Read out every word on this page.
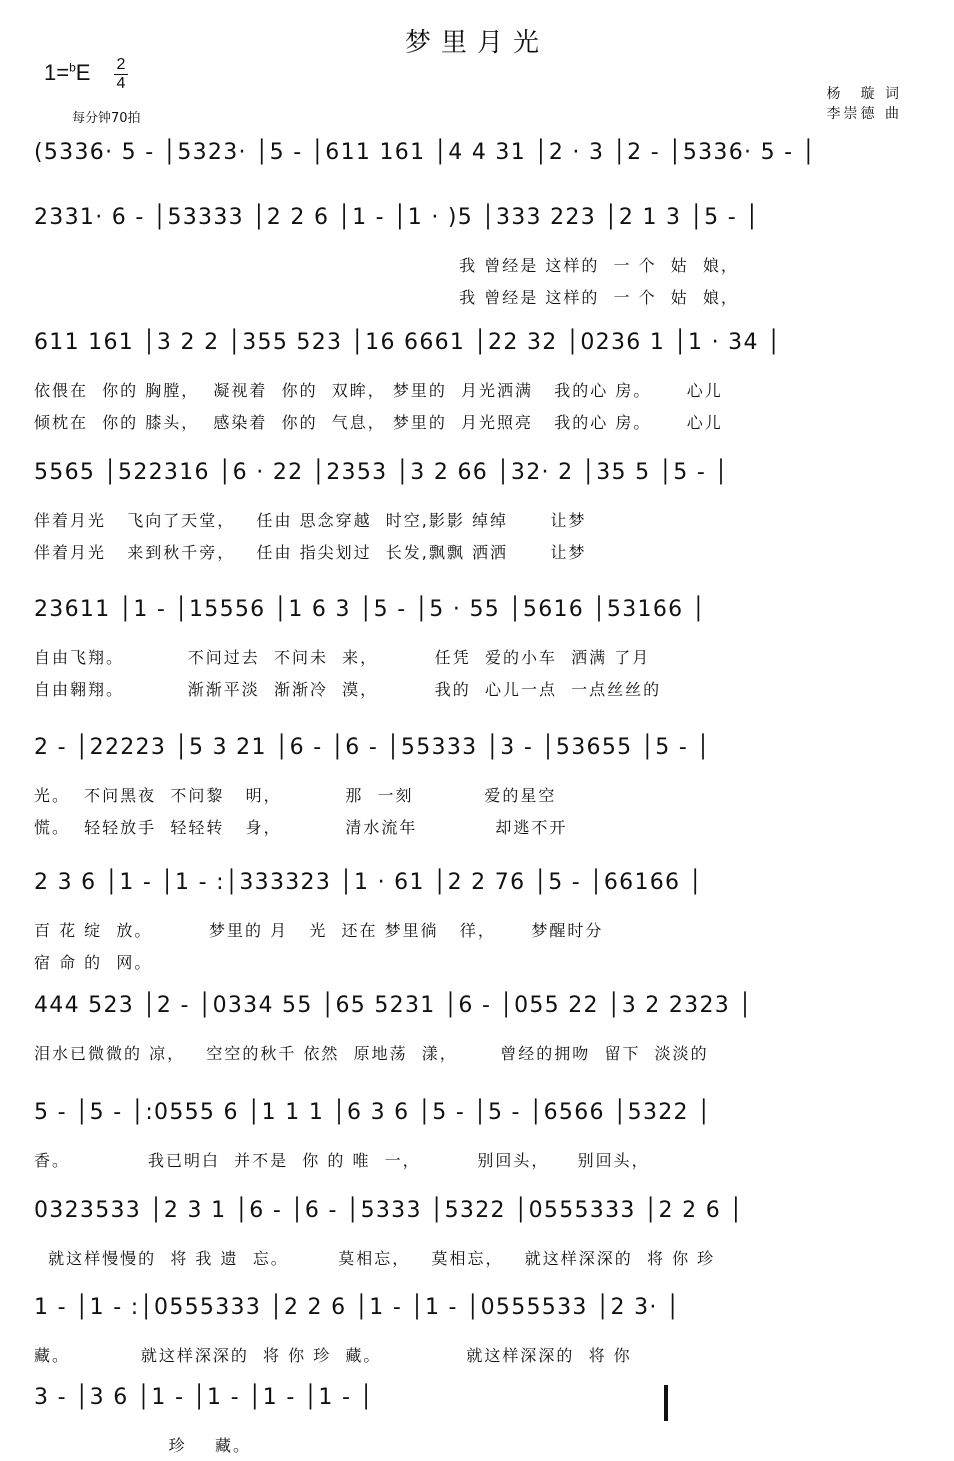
梦里月光
1=$^b$E 2
4
每分钟70拍
杨　璇 词
李崇德 曲
(5336· 5 - │5323· │5 - │611 161 │4 4 31 │2 · 3 │2 - │5336· 5 - │
2331· 6 - │53333 │2 2 6 │1 - │1 · )5 │333 223 │2 1 3 │5 - │
我 曾经是 这样的  一 个  姑  娘，
我 曾经是 这样的  一 个  姑  娘，
611 161 │3 2 2 │355 523 │16 6661 │22 32 │0236 1 │1 · 34 │
依偎在  你的 胸膛，  凝视着  你的  双眸， 梦里的  月光洒满   我的心 房。     心儿
倾枕在  你的 膝头，  感染着  你的  气息， 梦里的  月光照亮   我的心 房。     心儿
5565 │522316 │6 · 22 │2353 │3 2 66 │32· 2 │35 5 │5 - │
伴着月光   飞向了天堂，   任由 思念穿越  时空,影影 绰绰      让梦
伴着月光   来到秋千旁，   任由 指尖划过  长发,飘飘 洒洒      让梦
23611 │1 - │15556 │1 6 3 │5 - │5 · 55 │5616 │53166 │
自由飞翔。         不问过去  不问未  来，        任凭  爱的小车  洒满 了月
自由翱翔。         渐渐平淡  渐渐冷  漠，        我的  心儿一点  一点丝丝的
2 - │22223 │5 3 21 │6 - │6 - │55333 │3 - │53655 │5 - │
光。  不问黑夜  不问黎   明，         那  一刻          爱的星空
慌。  轻轻放手  轻轻转   身，         清水流年           却逃不开
2 3 6 │1 - │1 - :│333323 │1 · 61 │2 2 76 │5 - │66166 │
百 花 绽  放。        梦里的 月   光  还在 梦里徜   徉，     梦醒时分
宿 命 的  网。
444 523 │2 - │0334 55 │65 5231 │6 - │055 22 │3 2 2323 │
泪水已微微的 凉，   空空的秋千 依然  原地荡  漾，      曾经的拥吻  留下  淡淡的
5 - │5 - │:0555 6 │1 1 1 │6 3 6 │5 - │5 - │6566 │5322 │
香。           我已明白  并不是  你 的 唯  一，        别回头，    别回头，
0323533 │2 3 1 │6 - │6 - │5333 │5322 │0555333 │2 2 6 │
就这样慢慢的  将 我 遗  忘。       莫相忘，   莫相忘，   就这样深深的  将 你 珍
1 - │1 - :│0555333 │2 2 6 │1 - │1 - │0555533 │2 3· │
藏。          就这样深深的  将 你 珍  藏。            就这样深深的  将 你
3 - │3 6 │1 - │1 - │1 - │1 - │
珍    藏。
